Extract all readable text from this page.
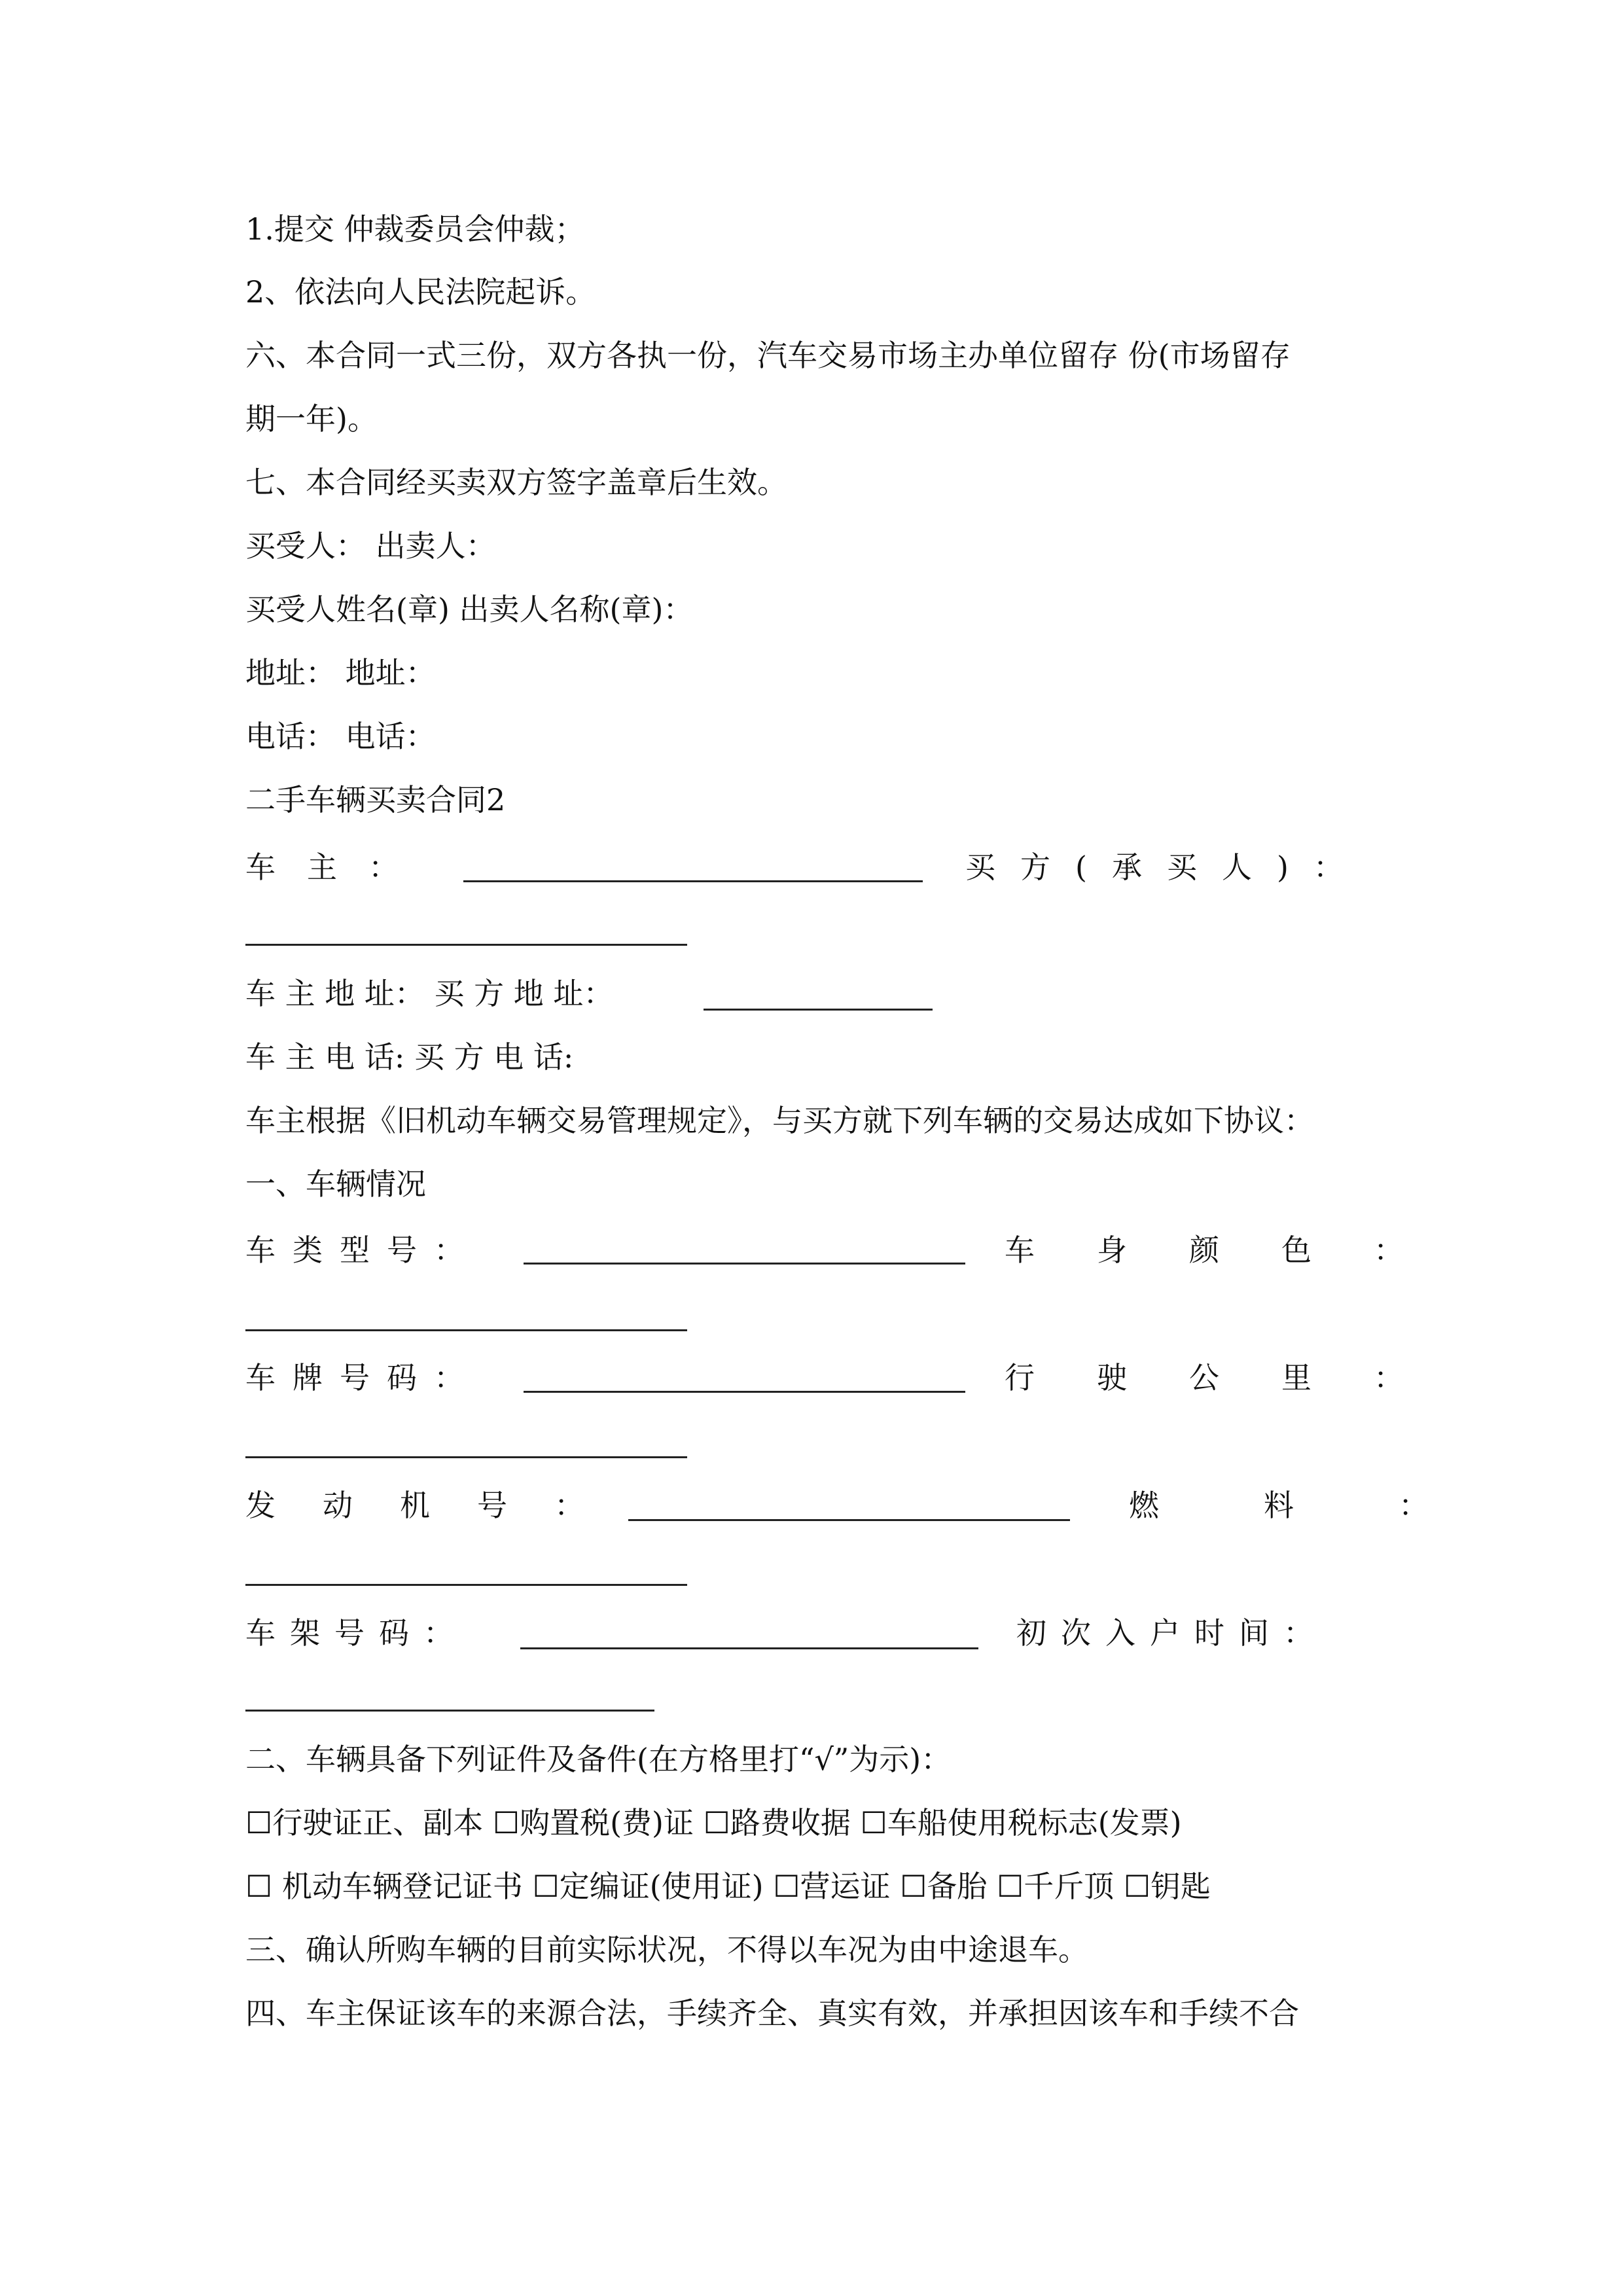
1.提交 仲裁委员会仲裁；
2、依法向人民法院起诉。
六、本合同一式三份，双方各执一份，汽车交易市场主办单位留存 份(市场留存
期一年)。
七、本合同经买卖双方签字盖章后生效。
买受人： 出卖人：
买受人姓名(章) 出卖人名称(章)：
地址： 地址：
电话： 电话：
二手车辆买卖合同2
车主：	买方(承买人)：
车 主 地 址： 买 方 地 址：
车 主 电 话: 买 方 电 话:
车主根据《旧机动车辆交易管理规定》，与买方就下列车辆的交易达成如下协议：
一、车辆情况
车类型号：	车身颜色：
车牌号码：	行驶公里：
发动机号：	燃料：
车架号码：	初次入户时间：
二、车辆具备下列证件及备件(在方格里打“√”为示)：
☐行驶证正、副本 ☐购置税(费)证 ☐路费收据 ☐车船使用税标志(发票)
☐ 机动车辆登记证书 ☐定编证(使用证) ☐营运证 ☐备胎 ☐千斤顶 ☐钥匙
三、确认所购车辆的目前实际状况，不得以车况为由中途退车。
四、车主保证该车的来源合法，手续齐全、真实有效，并承担因该车和手续不合
